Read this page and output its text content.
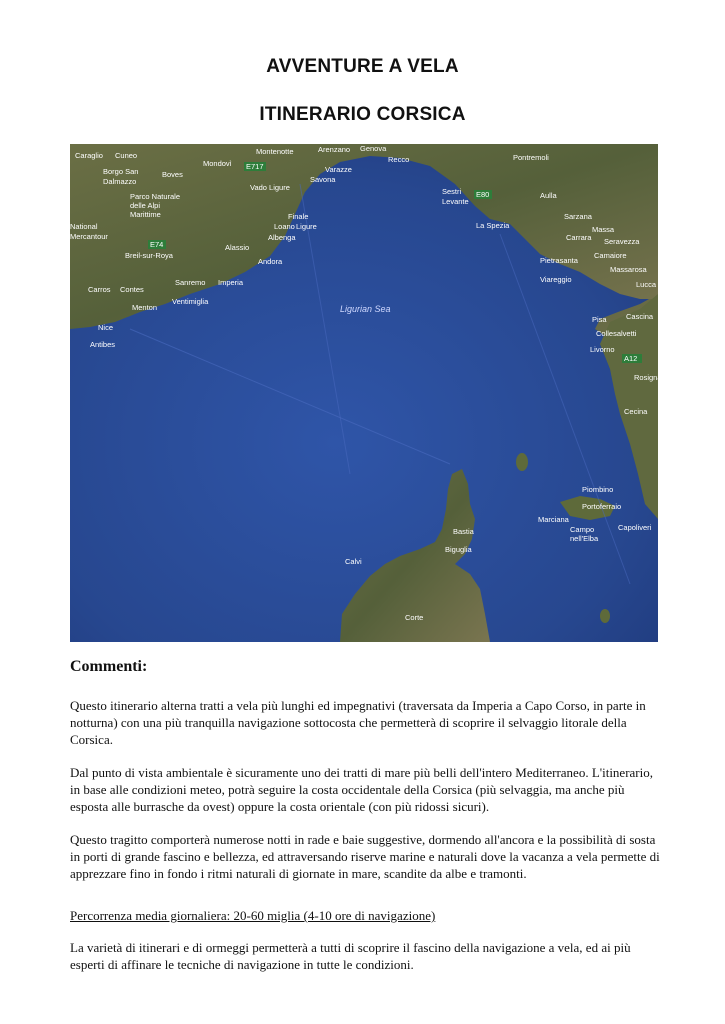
AVVENTURE A VELA
ITINERARIO CORSICA
Ligurian Sea
Caraglio Cuneo
Mondovì
Montenotte	Arenzano Genova
Recco	Pontremoli
Borgo San
Dalmazzo
Boves
Varazze
Savona
Vado Ligure
Parco Naturale
delle Alpi
Marittime
National
Mercantour
Finale
Loano Ligure
Albenga
Sestri
Levante
Aulla
Sarzana
Massa
Seravezza
La Spezia
Carrara
Camaiore
Pietrasanta
Massarosa
Viareggio
Lucca
Breil-sur-Roya
Alassio
Andora
Sanremo Imperia
Ventimiglia
Carros Contes
Menton
Nice
Antibes
Pisa
Collesalvetti
Livorno
Cascina
Rosignano
Cecina
Piombino
Portoferraio
Marciana
Campo
nell'Elba
Capoliveri
Bastia
Biguglia
Calvi
Corte
E717
E74
E80
A12
Commenti:

Questo itinerario alterna tratti a vela più lunghi ed impegnativi (traversata da Imperia a Capo Corso, in parte in notturna) con una più tranquilla navigazione sottocosta che permetterà di scoprire il selvaggio litorale della Corsica.

Dal punto di vista ambientale è sicuramente uno dei tratti di mare più belli dell'intero Mediterraneo. L'itinerario, in base alle condizioni meteo, potrà seguire la costa occidentale della Corsica (più selvaggia, ma anche più esposta alle burrasche da ovest) oppure la costa orientale (con più ridossi sicuri).

Questo tragitto comporterà numerose notti in rade e baie suggestive, dormendo all'ancora e la possibilità di sosta in porti di grande fascino e bellezza, ed attraversando riserve marine e naturali dove la vacanza a vela permette di apprezzare fino in fondo i ritmi naturali di giornate in mare, scandite da albe e tramonti.

Percorrenza media giornaliera: 20-60 miglia (4-10 ore di navigazione)

La varietà di itinerari e di ormeggi permetterà a tutti di scoprire il fascino della navigazione a vela, ed ai più esperti di affinare le tecniche di navigazione in tutte le condizioni.
